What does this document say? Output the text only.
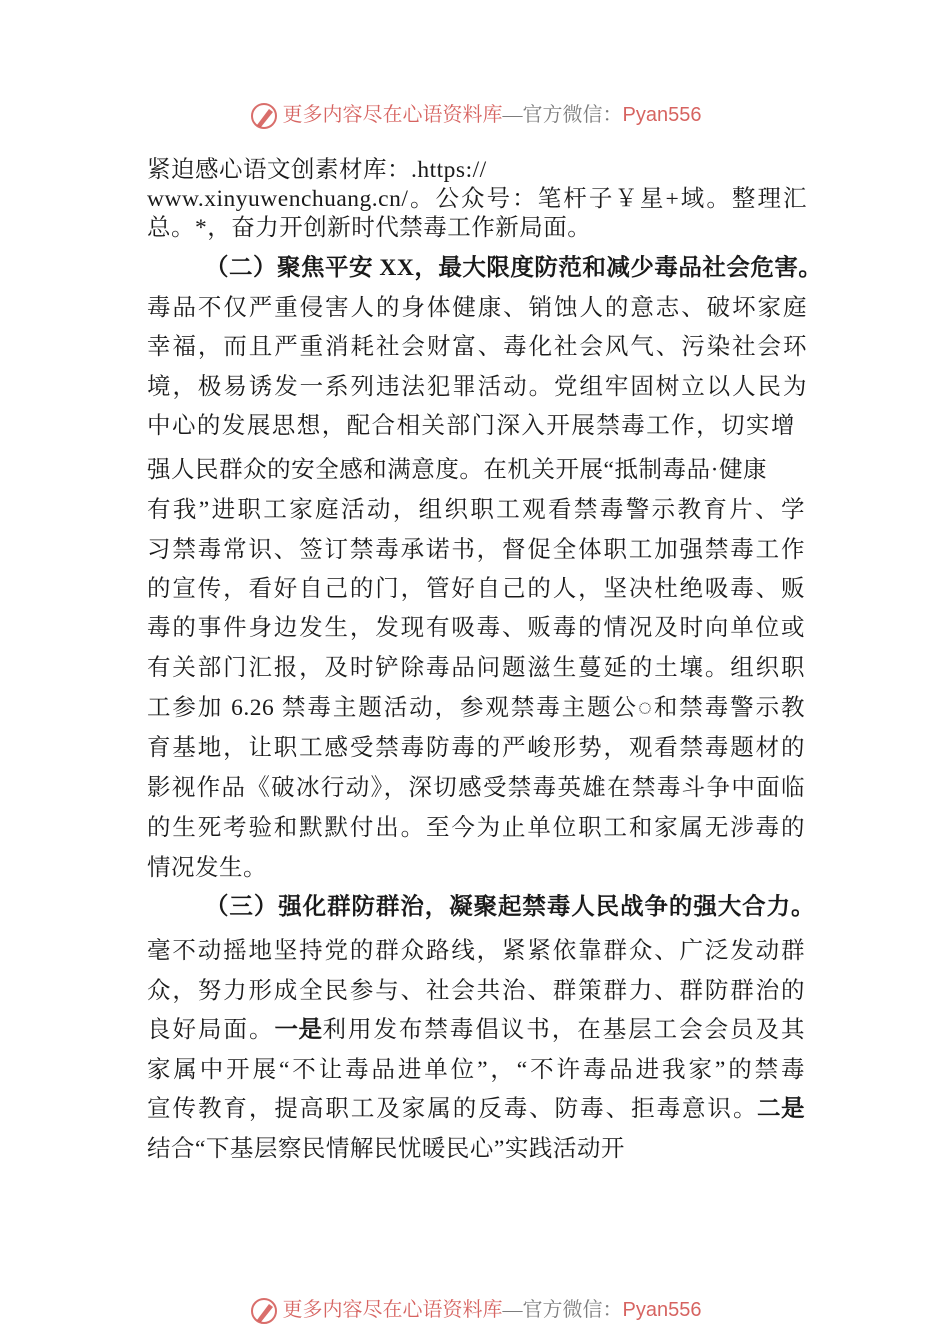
更多内容尽在心语资料库—官方微信：Pyan556
紧迫感心语文创素材库：.https://
www.xinyuwenchuang.cn/。公众号：笔杆子￥星+域。整理汇
总。*，奋力开创新时代禁毒工作新局面。
（二）聚焦平安 XX，最大限度防范和减少毒品社会危害。
毒品不仅严重侵害人的身体健康、销蚀人的意志、破坏家庭
幸福，而且严重消耗社会财富、毒化社会风气、污染社会环
境，极易诱发一系列违法犯罪活动。党组牢固树立以人民为
中心的发展思想，配合相关部门深入开展禁毒工作，切实增
强人民群众的安全感和满意度。在机关开展“抵制毒品·健康
有我”进职工家庭活动，组织职工观看禁毒警示教育片、学
习禁毒常识、签订禁毒承诺书，督促全体职工加强禁毒工作
的宣传，看好自己的门，管好自己的人，坚决杜绝吸毒、贩
毒的事件身边发生，发现有吸毒、贩毒的情况及时向单位或
有关部门汇报，及时铲除毒品问题滋生蔓延的土壤。组织职
工参加 6.26 禁毒主题活动，参观禁毒主题公◌和禁毒警示教
育基地，让职工感受禁毒防毒的严峻形势，观看禁毒题材的
影视作品《破冰行动》，深切感受禁毒英雄在禁毒斗争中面临
的生死考验和默默付出。至今为止单位职工和家属无涉毒的
情况发生。
（三）强化群防群治，凝聚起禁毒人民战争的强大合力。
毫不动摇地坚持党的群众路线，紧紧依靠群众、广泛发动群
众，努力形成全民参与、社会共治、群策群力、群防群治的
良好局面。 一是 利用发布禁毒倡议书，在基层工会会员及其
家属中开展“不让毒品进单位”，“不许毒品进我家”的禁毒
宣传教育，提高职工及家属的反毒、防毒、拒毒意识。 二是
结合“下基层察民情解民忧暖民心”实践活动开
更多内容尽在心语资料库—官方微信：Pyan556
